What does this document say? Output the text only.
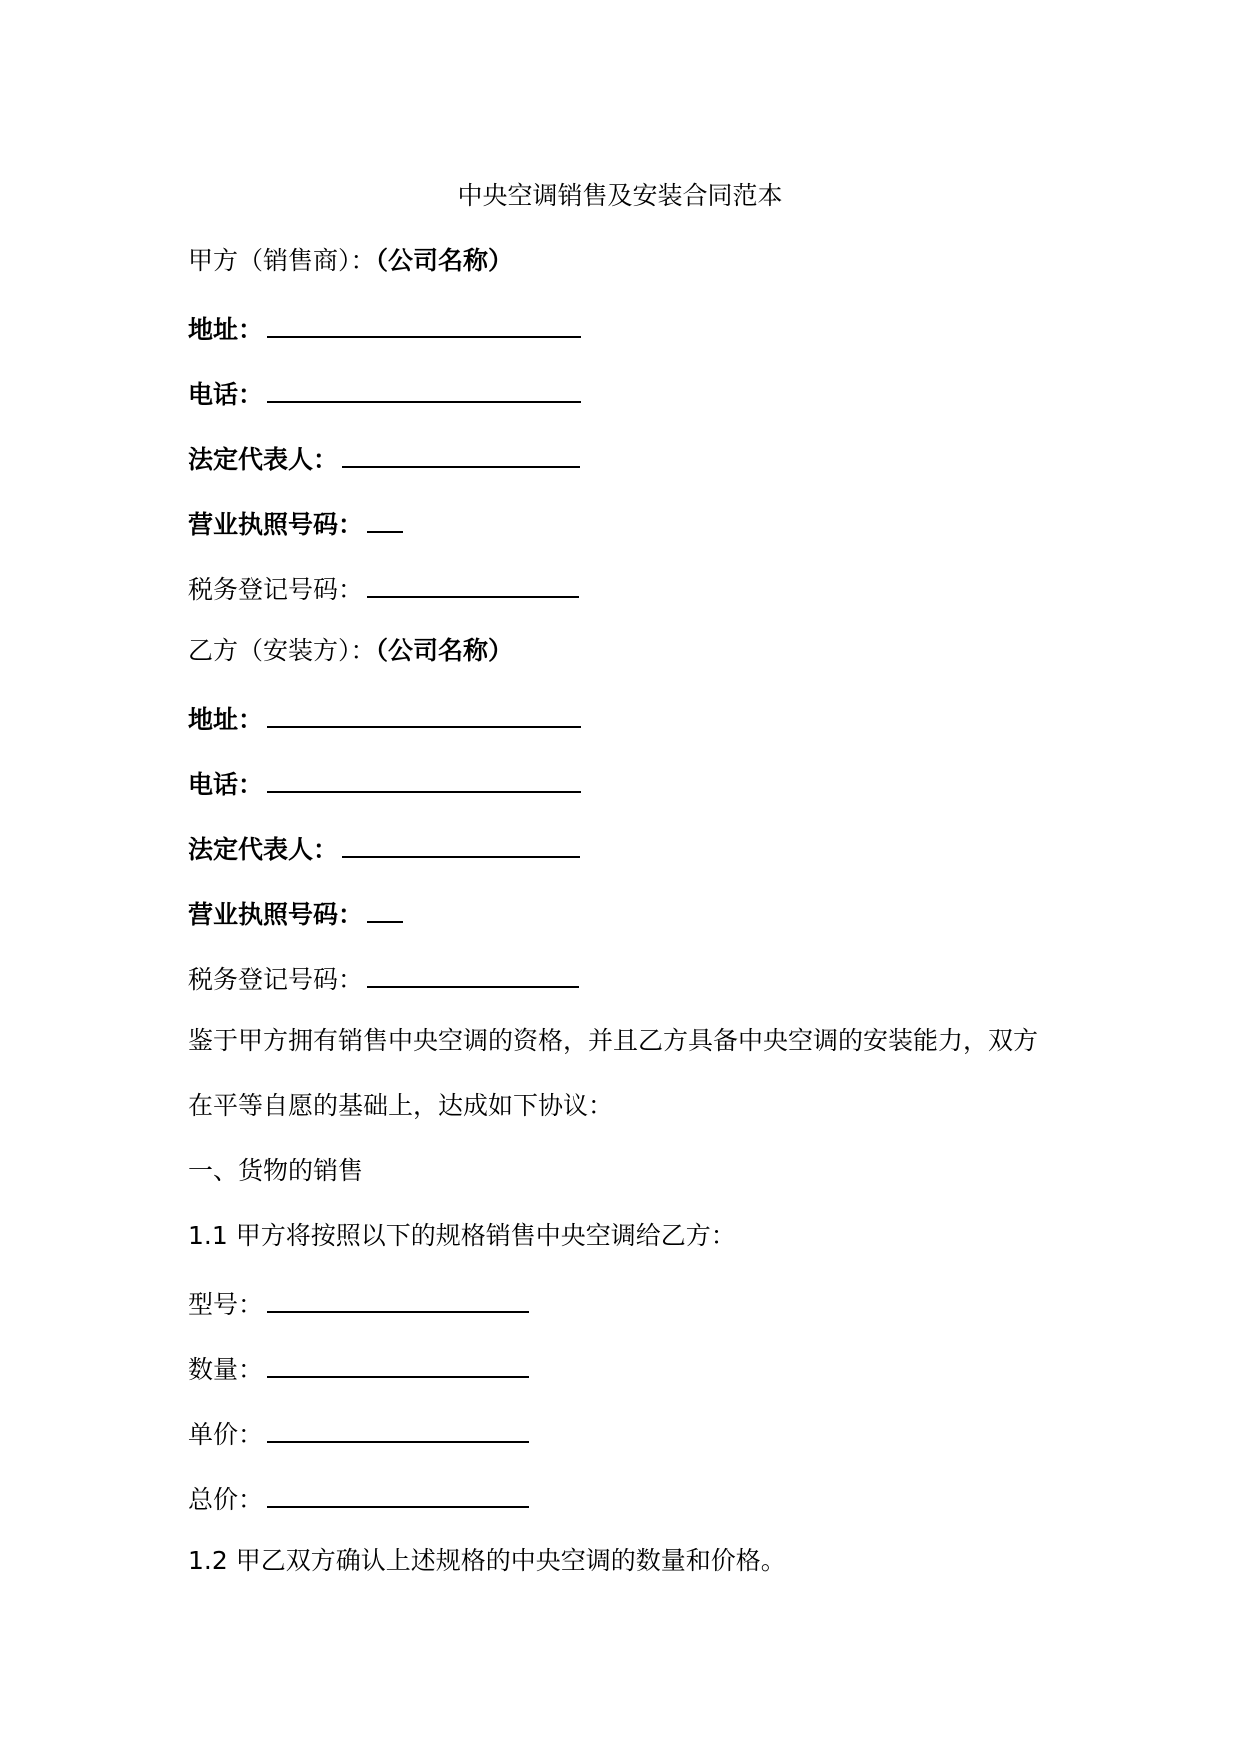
中央空调销售及安装合同范本
甲方（销售商）：（公司名称）
地址：
电话：
法定代表人：
营业执照号码：
税务登记号码：
乙方（安装方）：（公司名称）
地址：
电话：
法定代表人：
营业执照号码：
税务登记号码：
鉴于甲方拥有销售中央空调的资格，并且乙方具备中央空调的安装能力，双方
在平等自愿的基础上，达成如下协议：
一、货物的销售
1.1 甲方将按照以下的规格销售中央空调给乙方：
型号：
数量：
单价：
总价：
1.2 甲乙双方确认上述规格的中央空调的数量和价格。
